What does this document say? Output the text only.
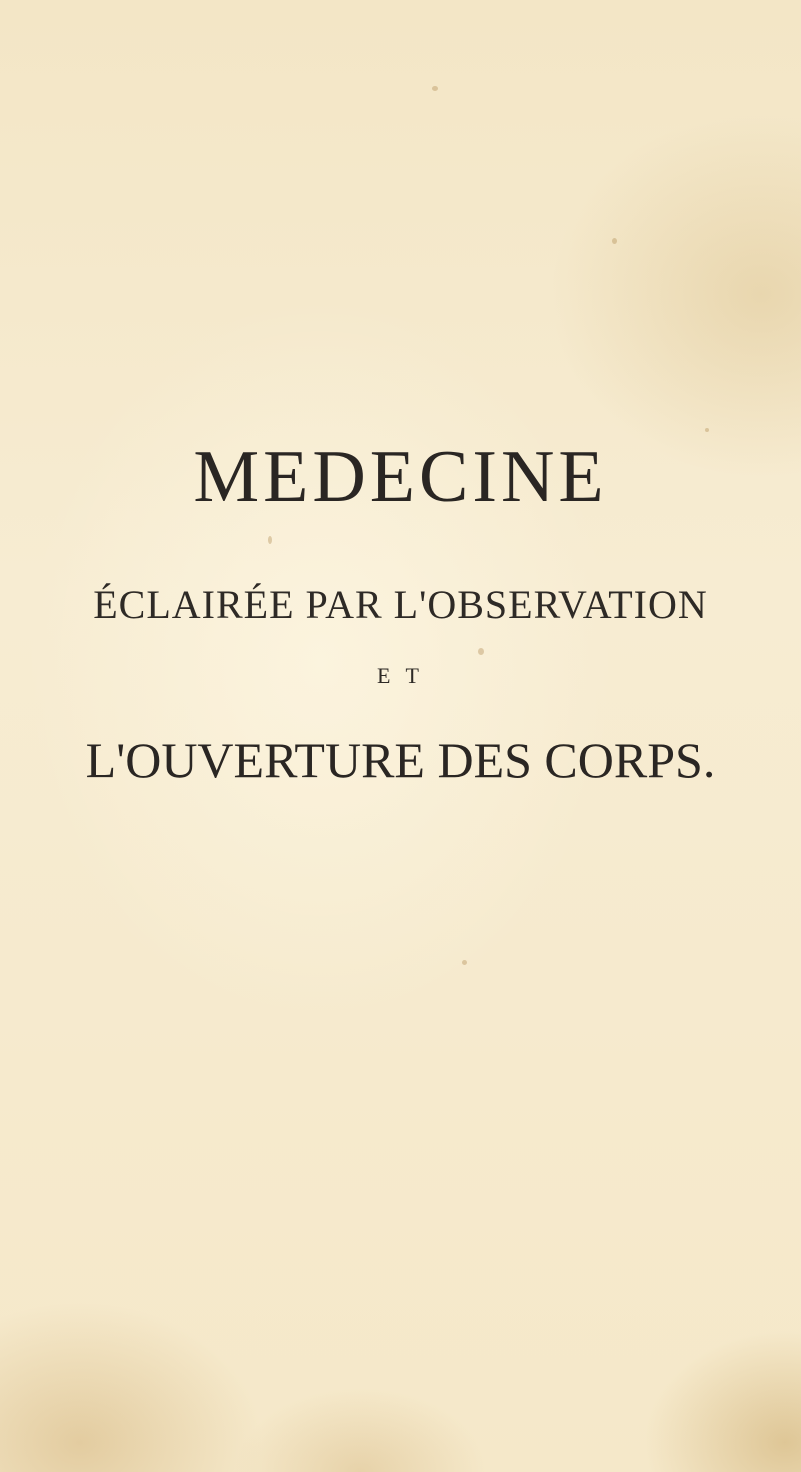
MEDECINE

ÉCLAIRÉE PAR L'OBSERVATION

E T

L'OUVERTURE DES CORPS.
